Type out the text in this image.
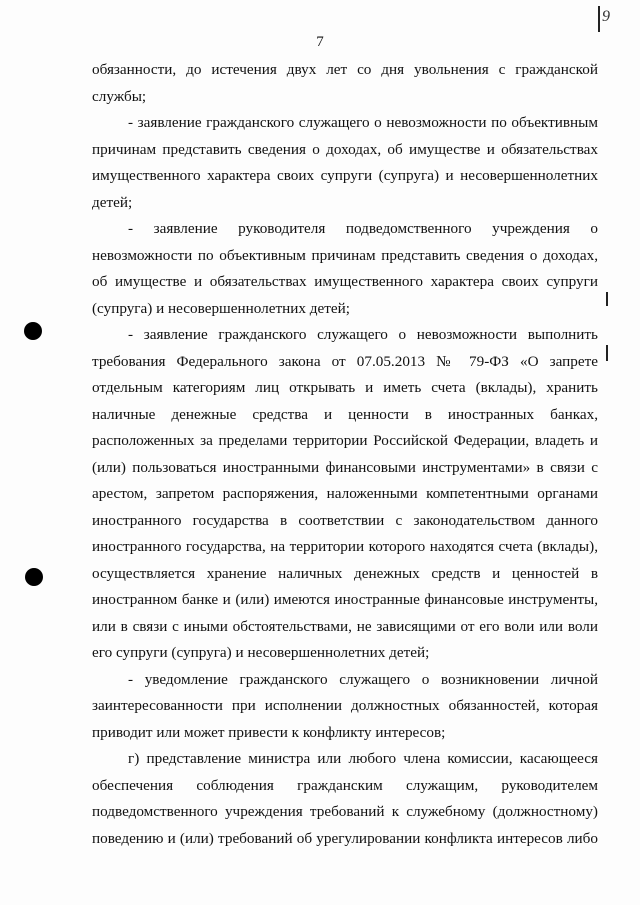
7
9
обязанности, до истечения двух лет со дня увольнения с гражданской
службы;
- заявление гражданского служащего о невозможности по объективным
причинам представить сведения о доходах, об имуществе и обязательствах
имущественного характера своих супруги (супруга) и несовершеннолетних
детей;
- заявление руководителя подведомственного учреждения о
невозможности по объективным причинам представить сведения о доходах,
об имуществе и обязательствах имущественного характера своих супруги
(супруга) и несовершеннолетних детей;
- заявление гражданского служащего о невозможности выполнить
требования Федерального закона от 07.05.2013 № 79-ФЗ «О запрете
отдельным категориям лиц открывать и иметь счета (вклады), хранить
наличные денежные средства и ценности в иностранных банках,
расположенных за пределами территории Российской Федерации, владеть и
(или) пользоваться иностранными финансовыми инструментами» в связи с
арестом, запретом распоряжения, наложенными компетентными органами
иностранного государства в соответствии с законодательством данного
иностранного государства, на территории которого находятся счета (вклады),
осуществляется хранение наличных денежных средств и ценностей в
иностранном банке и (или) имеются иностранные финансовые инструменты,
или в связи с иными обстоятельствами, не зависящими от его воли или воли
его супруги (супруга) и несовершеннолетних детей;
- уведомление гражданского служащего о возникновении личной
заинтересованности при исполнении должностных обязанностей, которая
приводит или может привести к конфликту интересов;
г) представление министра или любого члена комиссии, касающееся
обеспечения соблюдения гражданским служащим, руководителем
подведомственного учреждения требований к служебному (должностному)
поведению и (или) требований об урегулировании конфликта интересов либо
